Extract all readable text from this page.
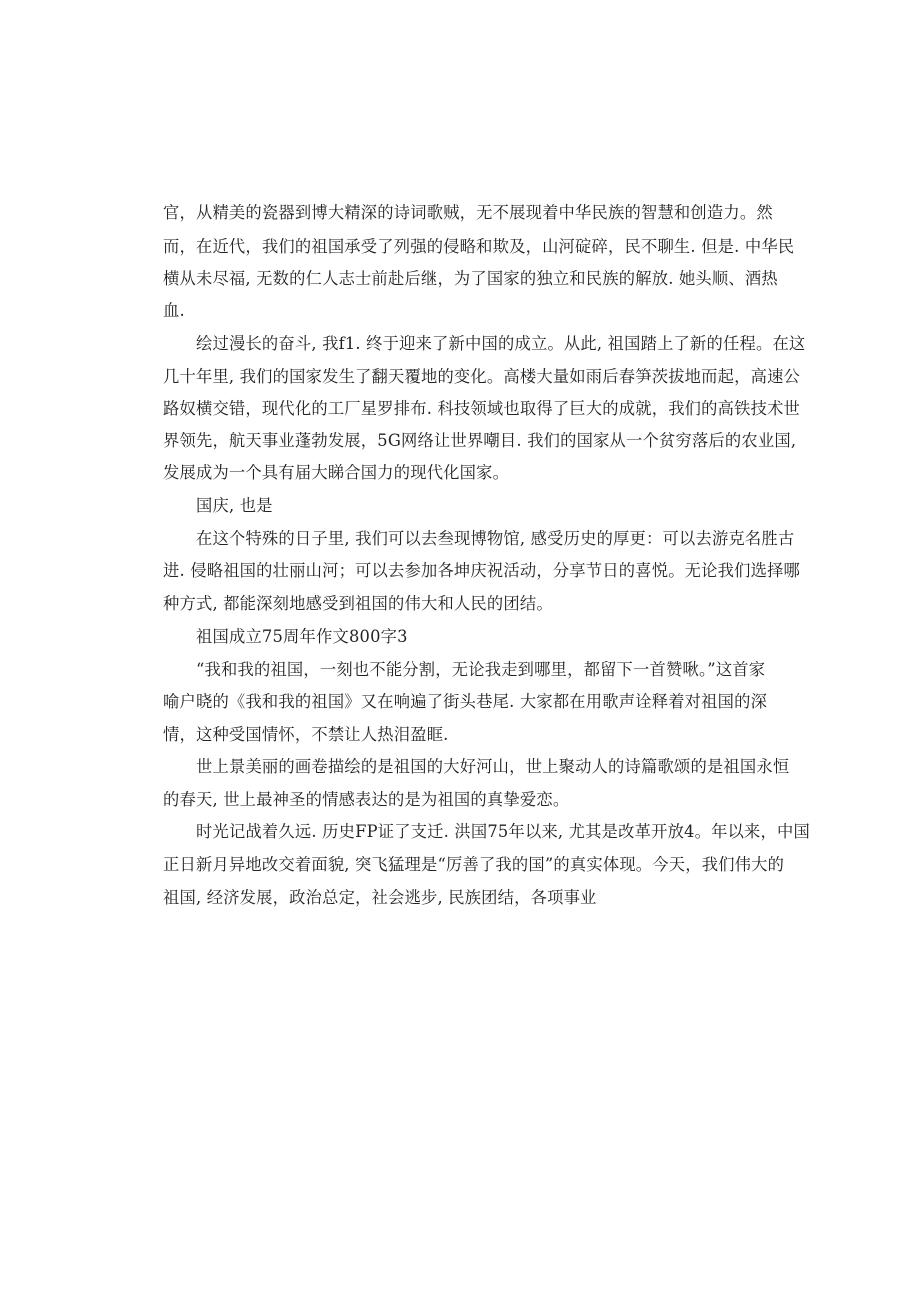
官，从精美的瓷器到博大精深的诗词歌贼，无不展现着中华民族的智慧和创造力。然

而，在近代，我们的祖国承受了列强的侵略和欺及，山河碇碎，民不聊生. 但是. 中华民

横从未尽福, 无数的仁人志士前赴后继，为了国家的独立和民族的解放. 她头顺、酒热

血.

绘过漫长的奋斗, 我f1. 终于迎来了新中国的成立。从此, 祖国踏上了新的任程。在这

几十年里, 我们的国家发生了翻天覆地的变化。高楼大量如雨后春笋茨拔地而起，高速公

路奴横交错，现代化的工厂星罗排布. 科技领域也取得了巨大的成就，我们的高铁技术世

界领先，航天事业蓬勃发展，5G网络让世界嘲目. 我们的国家从一个贫穷落后的农业国,

发展成为一个具有届大睇合国力的现代化国家。

国庆, 也是

在这个特殊的日子里, 我们可以去叁现博物馆, 感受历史的厚更：可以去游克名胜古

进. 侵略祖国的壮丽山河；可以去参加各坤庆祝活动，分享节日的喜悦。无论我们选择哪

种方式, 都能深刻地感受到祖国的伟大和人民的团结。

祖国成立75周年作文800字3

“我和我的祖国，一刻也不能分割，无论我走到哪里，都留下一首赞啾。”这首家

喻户晓的《我和我的祖国》又在响遍了街头巷尾. 大家都在用歌声诠释着对祖国的深

情，这种受国情怀，不禁让人热泪盈眶.

世上景美丽的画卷描绘的是祖国的大好河山，世上聚动人的诗篇歌颂的是祖国永恒

的春天, 世上最神圣的情感表达的是为祖国的真挚爱恋。

时光记战着久远. 历史FP证了支迁. 洪国75年以来, 尤其是改革开放4。年以来，中国

正日新月异地改交着面貌, 突飞猛理是“厉善了我的国”的真实体现。今天，我们伟大的

祖国, 经济发展，政治总定，社会逃步, 民族团结，各项事业
